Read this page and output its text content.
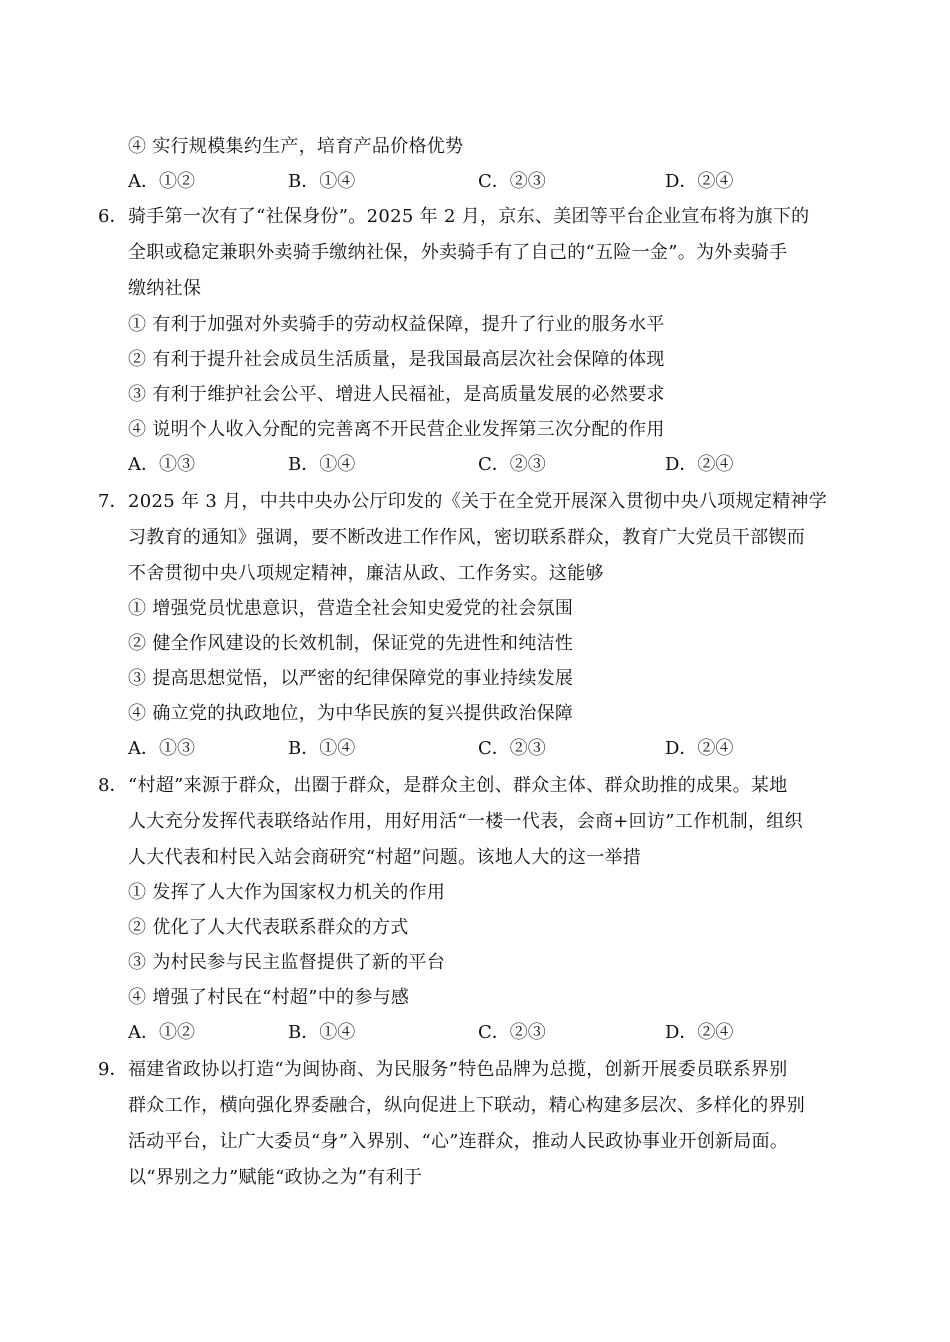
④ 实行规模集约生产，培育产品价格优势
A．①②	B．①④	C．②③	D．②④
6． 骑手第一次有了“社保身份”。2025 年 2 月，京东、美团等平台企业宣布将为旗下的
全职或稳定兼职外卖骑手缴纳社保，外卖骑手有了自己的“五险一金”。为外卖骑手
缴纳社保
① 有利于加强对外卖骑手的劳动权益保障，提升了行业的服务水平
② 有利于提升社会成员生活质量，是我国最高层次社会保障的体现
③ 有利于维护社会公平、增进人民福祉，是高质量发展的必然要求
④ 说明个人收入分配的完善离不开民营企业发挥第三次分配的作用
A．①③	B．①④	C．②③	D．②④
7． 2025 年 3 月，中共中央办公厅印发的《关于在全党开展深入贯彻中央八项规定精神学
习教育的通知》强调，要不断改进工作作风，密切联系群众，教育广大党员干部锲而
不舍贯彻中央八项规定精神，廉洁从政、工作务实。这能够
① 增强党员忧患意识，营造全社会知史爱党的社会氛围
② 健全作风建设的长效机制，保证党的先进性和纯洁性
③ 提高思想觉悟，以严密的纪律保障党的事业持续发展
④ 确立党的执政地位，为中华民族的复兴提供政治保障
A．①③	B．①④	C．②③	D．②④
8． “村超”来源于群众，出圈于群众，是群众主创、群众主体、群众助推的成果。某地
人大充分发挥代表联络站作用，用好用活“一楼一代表，会商+回访”工作机制，组织
人大代表和村民入站会商研究“村超”问题。该地人大的这一举措
① 发挥了人大作为国家权力机关的作用
② 优化了人大代表联系群众的方式
③ 为村民参与民主监督提供了新的平台
④ 增强了村民在“村超”中的参与感
A．①②	B．①④	C．②③	D．②④
9． 福建省政协以打造“为闽协商、为民服务”特色品牌为总揽，创新开展委员联系界别
群众工作，横向强化界委融合，纵向促进上下联动，精心构建多层次、多样化的界别
活动平台，让广大委员“身”入界别、“心”连群众，推动人民政协事业开创新局面。
以“界别之力”赋能“政协之为”有利于
